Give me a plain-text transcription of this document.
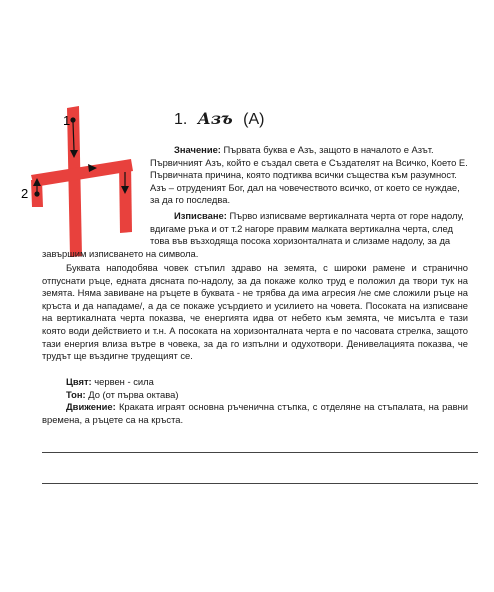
1
2
1. Азъ (А)

Значение: Първата буква е Азъ, защото в началото е Азът.

Първичният Азъ, който е създал света е Създателят на Всичко, Което Е.

Първичната причина, която подтиква всички същества към разумност.

Азъ – отрудeният Бог, дал на човечеството всичко, от което се нуждае,

за да го последва.

Изписване: Първо изписваме вертикалната черта от горе надолу,

вдигаме ръка и от т.2 нагоре правим малката вертикална черта, след

това във възходяща посока хоризонталната и слизаме надолу, за да

завършим изписването на символа.

Буквата наподобява човек стъпил здраво на земята, с широки рамене и странично отпуснати ръце, едната дясната по-надолу, за да покаже колко труд е положил да твори тук на земята. Няма завиване на ръцете в буквата - не трябва да има агресия /не сме сложили ръце на кръста и да нападаме/, а да се покаже усърдието и усилието на човета. Посоката на изписване на вертикалната черта показва, че енергията идва от небето към земята, че мисълта е тази която води действието и т.н. А посоката на хоризонталната черта е по часовата стрелка, защото тази енергия влиза вътре в човека, за да го изпълни и одухотвори. Денивелацията показва, че трудът ще въздигне трудещият се.

Цвят: червен - сила

Тон: До (от първа октава)

Движение: Краката играят основна ръченична стъпка, с отделяне на стъпалата, на равни времена, а ръцете са на кръста.
